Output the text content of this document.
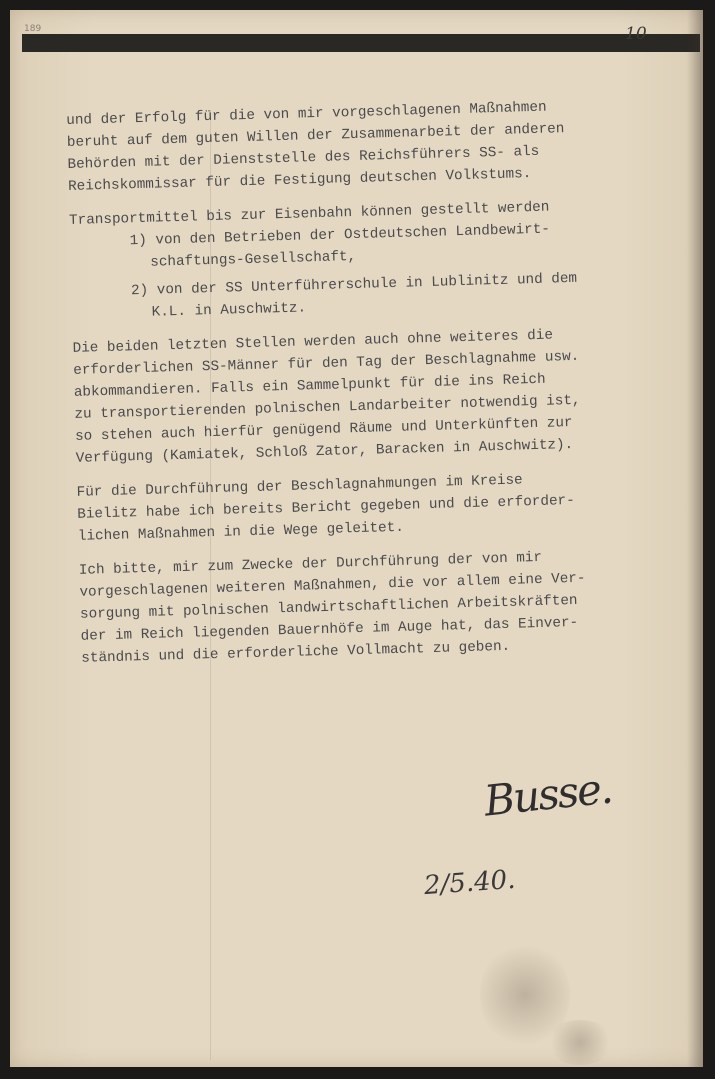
189	10
und der Erfolg für die von mir vorgeschlagenen Maßnahmen
beruht auf dem guten Willen der Zusammenarbeit der anderen
Behörden mit der Dienststelle des Reichsführers SS- als
Reichskommissar für die Festigung deutschen Volkstums.
Transportmittel bis zur Eisenbahn können gestellt werden
1) von den Betrieben der Ostdeutschen Landbewirt-
schaftungs-Gesellschaft,
2) von der SS Unterführerschule in Lublinitz und dem
K.L. in Auschwitz.
Die beiden letzten Stellen werden auch ohne weiteres die
erforderlichen SS-Männer für den Tag der Beschlagnahme usw.
abkommandieren. Falls ein Sammelpunkt für die ins Reich
zu transportierenden polnischen Landarbeiter notwendig ist,
so stehen auch hierfür genügend Räume und Unterkünften zur
Verfügung (Kamiatek, Schloß Zator, Baracken in Auschwitz).
Für die Durchführung der Beschlagnahmungen im Kreise
Bielitz habe ich bereits Bericht gegeben und die erforder-
lichen Maßnahmen in die Wege geleitet.
Ich bitte, mir zum Zwecke der Durchführung der von mir
vorgeschlagenen weiteren Maßnahmen, die vor allem eine Ver-
sorgung mit polnischen landwirtschaftlichen Arbeitskräften
der im Reich liegenden Bauernhöfe im Auge hat, das Einver-
ständnis und die erforderliche Vollmacht zu geben.
Busse.
2/5.40.
